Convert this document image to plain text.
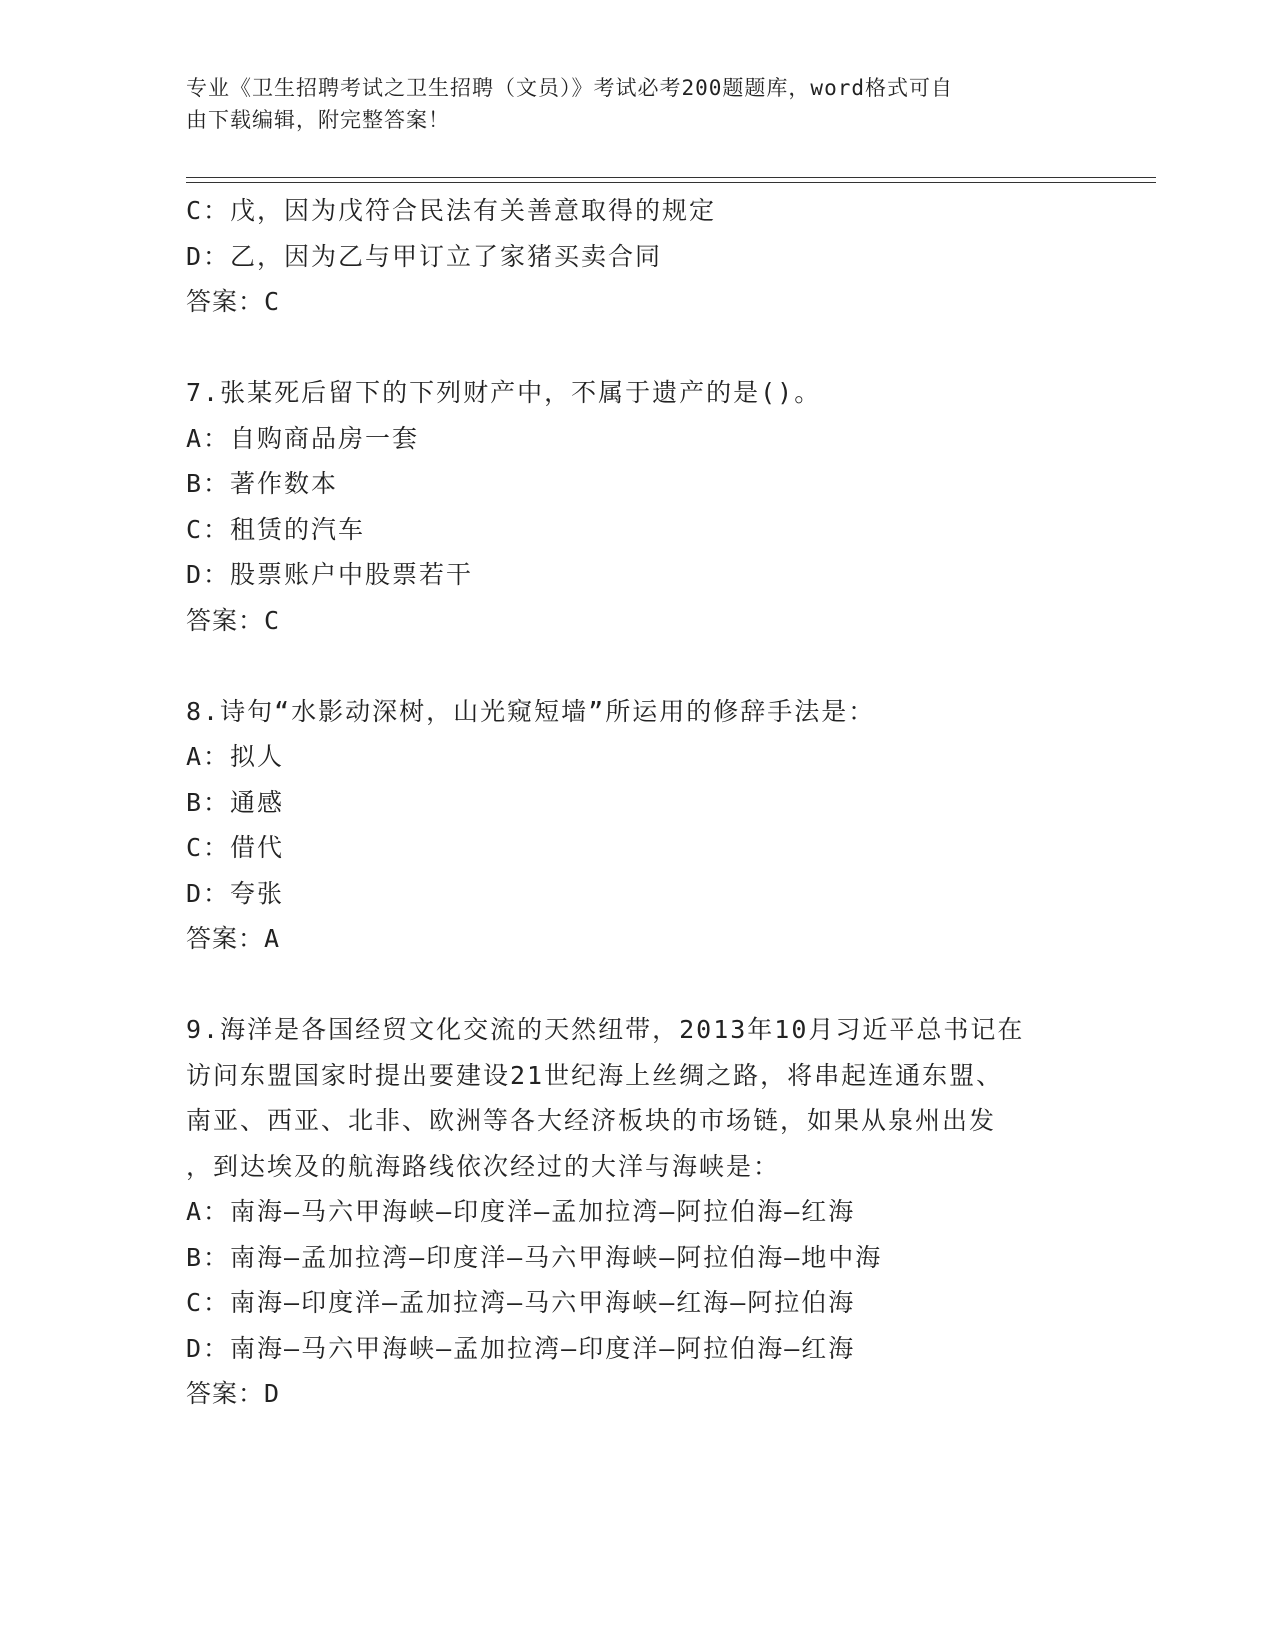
专业《卫生招聘考试之卫生招聘（文员）》考试必考200题题库，word格式可自
由下载编辑，附完整答案！
C：戊，因为戊符合民法有关善意取得的规定
D：乙，因为乙与甲订立了家猪买卖合同
答案：C
7.张某死后留下的下列财产中，不属于遗产的是()。
A：自购商品房一套
B：著作数本
C：租赁的汽车
D：股票账户中股票若干
答案：C
8.诗句“水影动深树，山光窥短墙”所运用的修辞手法是：
A：拟人
B：通感
C：借代
D：夸张
答案：A
9.海洋是各国经贸文化交流的天然纽带，2013年10月习近平总书记在
访问东盟国家时提出要建设21世纪海上丝绸之路，将串起连通东盟、
南亚、西亚、北非、欧洲等各大经济板块的市场链，如果从泉州出发
，到达埃及的航海路线依次经过的大洋与海峡是：
A：南海—马六甲海峡—印度洋—孟加拉湾—阿拉伯海—红海
B：南海—孟加拉湾—印度洋—马六甲海峡—阿拉伯海—地中海
C：南海—印度洋—孟加拉湾—马六甲海峡—红海—阿拉伯海
D：南海—马六甲海峡—孟加拉湾—印度洋—阿拉伯海—红海
答案：D
